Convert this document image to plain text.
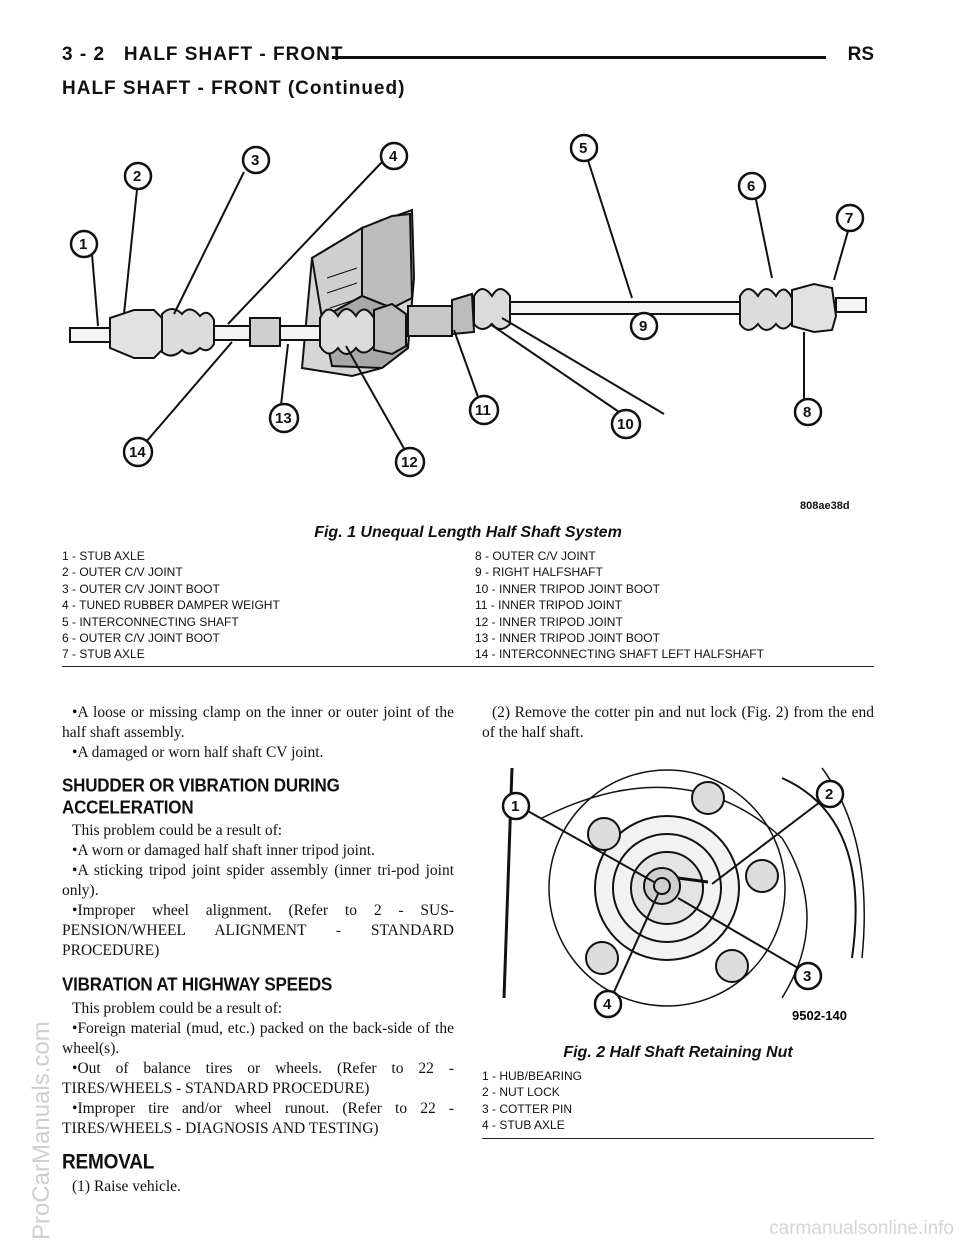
3 - 2 HALF SHAFT - FRONT	RS
HALF SHAFT - FRONT (Continued)
1
2
3	4	5
6
7
8
9
10
11
12
13
14
808ae38d
Fig. 1 Unequal Length Half Shaft System
1 - STUB AXLE
2 - OUTER C/V JOINT
3 - OUTER C/V JOINT BOOT
4 - TUNED RUBBER DAMPER WEIGHT
5 - INTERCONNECTING SHAFT
6 - OUTER C/V JOINT BOOT
7 - STUB AXLE
8 - OUTER C/V JOINT
9 - RIGHT HALFSHAFT
10 - INNER TRIPOD JOINT BOOT
11 - INNER TRIPOD JOINT
12 - INNER TRIPOD JOINT
13 - INNER TRIPOD JOINT BOOT
14 - INTERCONNECTING SHAFT LEFT HALFSHAFT

•A loose or missing clamp on the inner or outer joint of the half shaft assembly.

•A damaged or worn half shaft CV joint.

SHUDDER OR VIBRATION DURING ACCELERATION

This problem could be a result of:

•A worn or damaged half shaft inner tripod joint.

•A sticking tripod joint spider assembly (inner tri-pod joint only).

•Improper wheel alignment. (Refer to 2 - SUS-PENSION/WHEEL ALIGNMENT - STANDARD PROCEDURE)

VIBRATION AT HIGHWAY SPEEDS

This problem could be a result of:

•Foreign material (mud, etc.) packed on the back-side of the wheel(s).

•Out of balance tires or wheels. (Refer to 22 - TIRES/WHEELS - STANDARD PROCEDURE)

•Improper tire and/or wheel runout. (Refer to 22 - TIRES/WHEELS - DIAGNOSIS AND TESTING)

REMOVAL

(1) Raise vehicle.

(2) Remove the cotter pin and nut lock (Fig. 2) from the end of the half shaft.

1
2
3
4
9502-140
Fig. 2 Half Shaft Retaining Nut
1 - HUB/BEARING
2 - NUT LOCK
3 - COTTER PIN
4 - STUB AXLE
ProCarManuals.com	carmanualsonline.info
